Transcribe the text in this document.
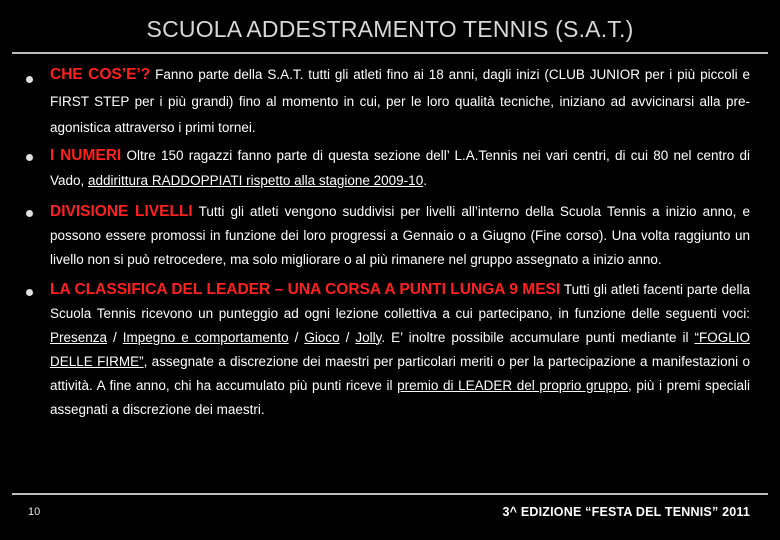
SCUOLA ADDESTRAMENTO TENNIS (S.A.T.)
CHE COS’E’? Fanno parte della S.A.T. tutti gli atleti fino ai 18 anni, dagli inizi (CLUB JUNIOR per i più piccoli e FIRST STEP per i più grandi) fino al momento in cui, per le loro qualità tecniche, iniziano ad avvicinarsi alla pre-agonistica attraverso i primi tornei.
I NUMERI Oltre 150 ragazzi fanno parte di questa sezione dell’ L.A.Tennis nei vari centri, di cui 80 nel centro di Vado, addirittura RADDOPPIATI rispetto alla stagione 2009-10.
DIVISIONE LIVELLI Tutti gli atleti vengono suddivisi per livelli all’interno della Scuola Tennis a inizio anno, e possono essere promossi in funzione dei loro progressi a Gennaio o a Giugno (Fine corso). Una volta raggiunto un livello non si può retrocedere, ma solo migliorare o al più rimanere nel gruppo assegnato a inizio anno.
LA CLASSIFICA DEL LEADER – UNA CORSA A PUNTI LUNGA 9 MESI Tutti gli atleti facenti parte della Scuola Tennis ricevono un punteggio ad ogni lezione collettiva a cui partecipano, in funzione delle seguenti voci: Presenza / Impegno e comportamento / Gioco / Jolly. E’ inoltre possibile accumulare punti mediante il “FOGLIO DELLE FIRME”, assegnate a discrezione dei maestri per particolari meriti o per la partecipazione a manifestazioni o attività. A fine anno, chi ha accumulato più punti riceve il premio di LEADER del proprio gruppo, più i premi speciali assegnati a discrezione dei maestri.
10	3^ EDIZIONE “FESTA DEL TENNIS” 2011
